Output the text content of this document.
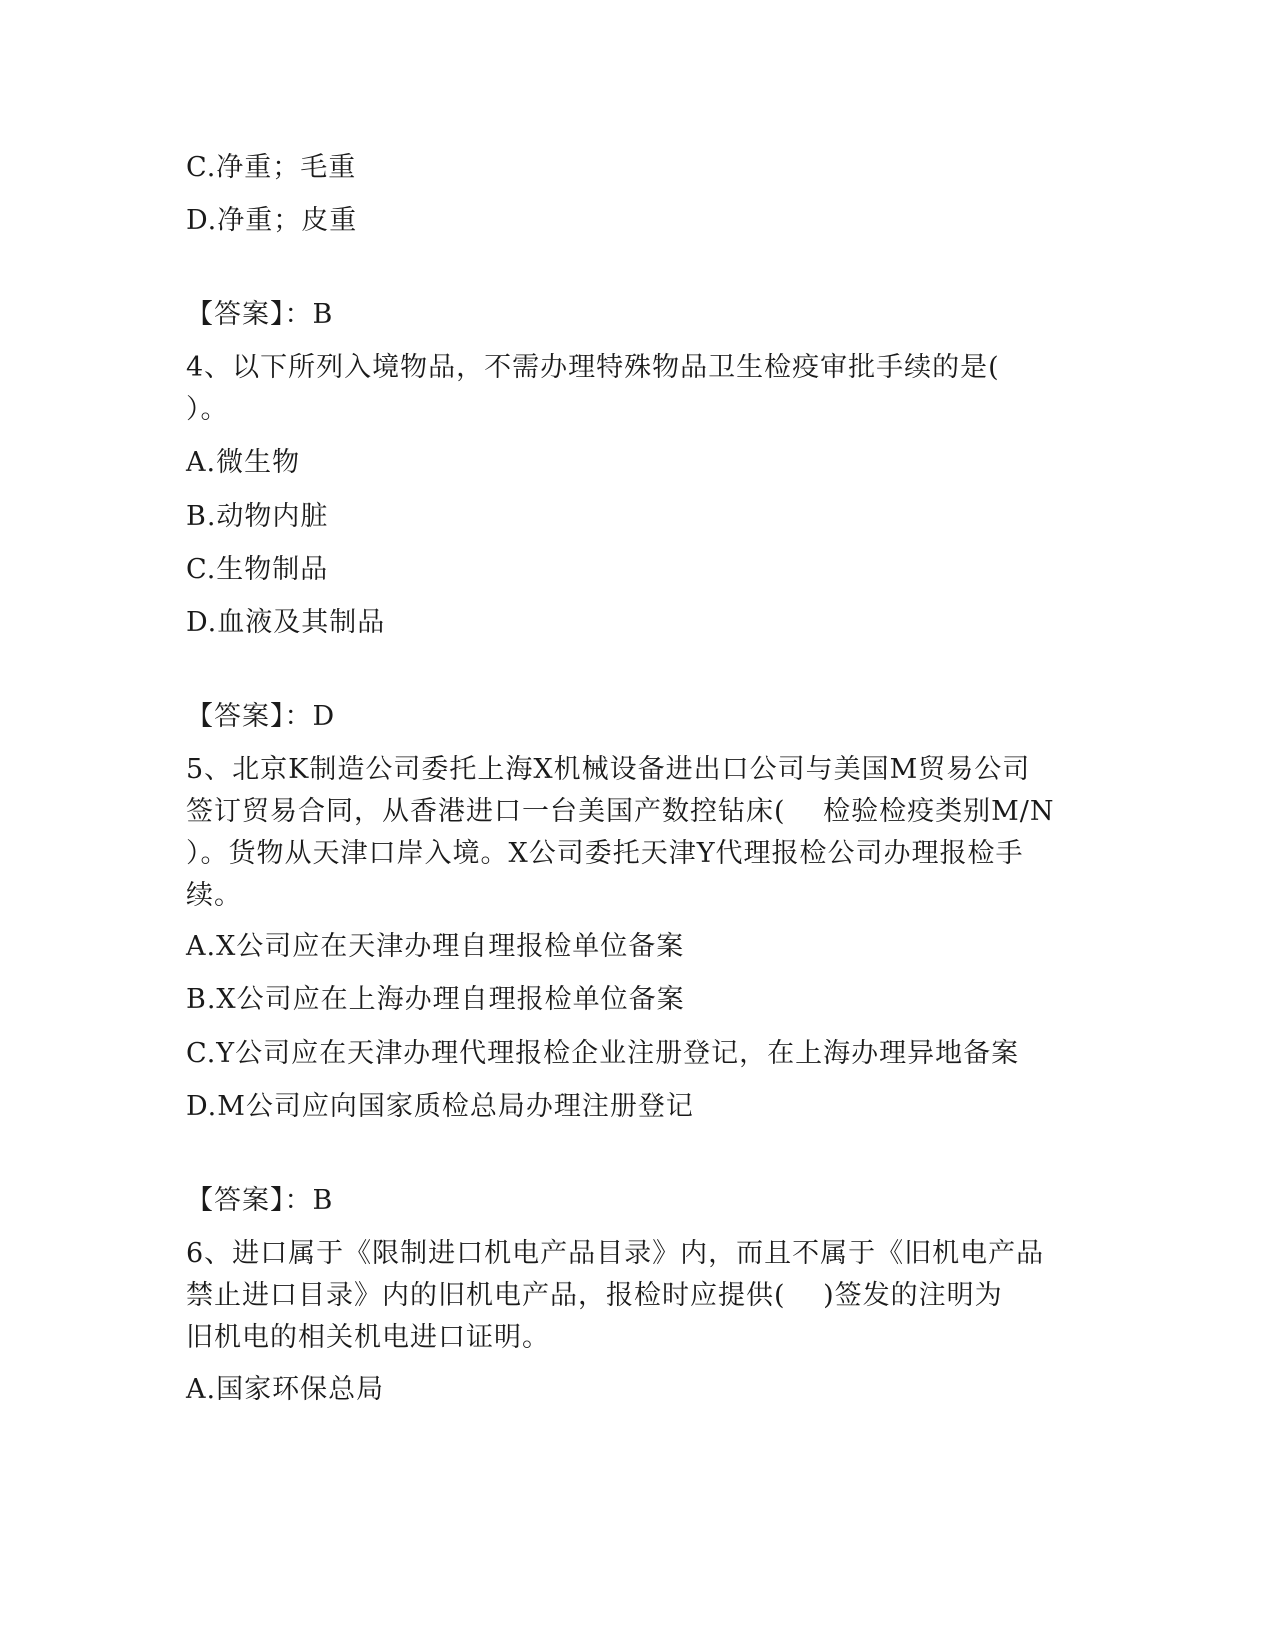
C.净重；毛重
D.净重；皮重
【答案】：B
4、以下所列入境物品，不需办理特殊物品卫生检疫审批手续的是(
）。
A.微生物
B.动物内脏
C.生物制品
D.血液及其制品
【答案】：D
5、北京K制造公司委托上海X机械设备进出口公司与美国M贸易公司
签订贸易合同，从香港进口一台美国产数控钻床(　 检验检疫类别M/N
）。货物从天津口岸入境。X公司委托天津Y代理报检公司办理报检手
续。
A.X公司应在天津办理自理报检单位备案
B.X公司应在上海办理自理报检单位备案
C.Y公司应在天津办理代理报检企业注册登记，在上海办理异地备案
D.M公司应向国家质检总局办理注册登记
【答案】：B
6、进口属于《限制进口机电产品目录》内，而且不属于《旧机电产品
禁止进口目录》内的旧机电产品，报检时应提供(　 )签发的注明为
旧机电的相关机电进口证明。
A.国家环保总局
